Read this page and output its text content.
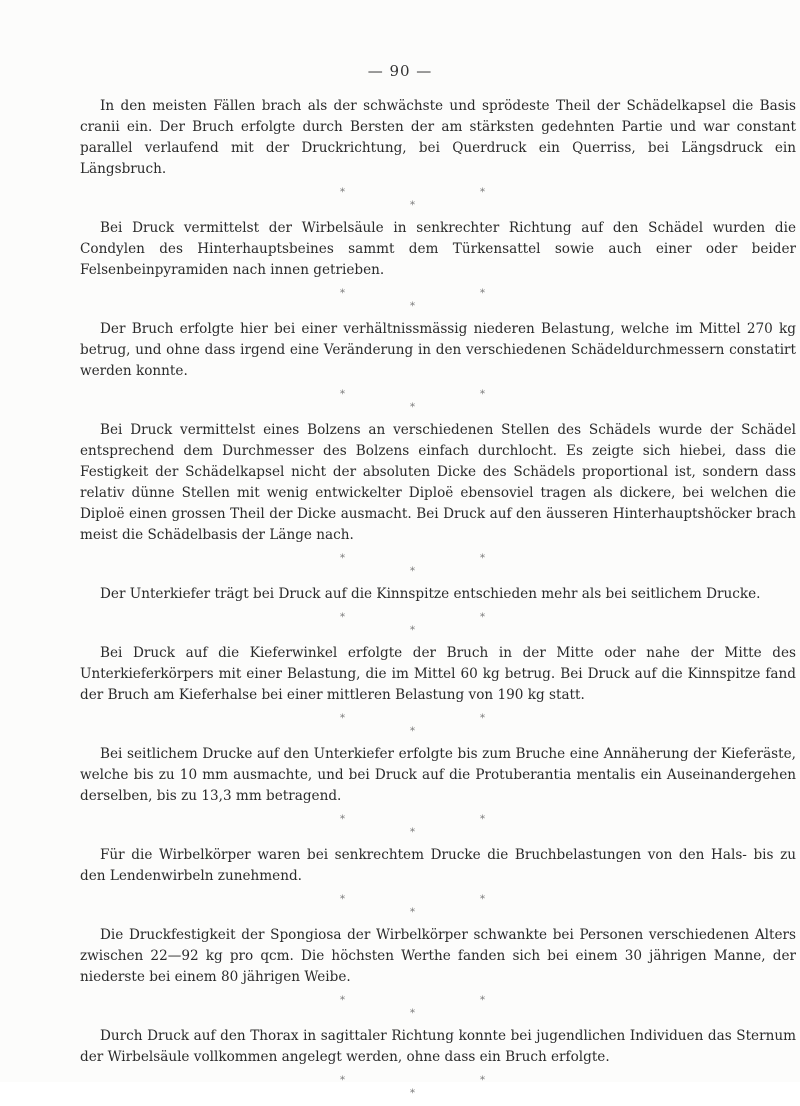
— 90 —

In den meisten Fällen brach als der schwächste und sprödeste Theil der Schädelkapsel die Basis cranii ein. Der Bruch erfolgte durch Bersten der am stärksten gedehnten Partie und war constant parallel verlaufend mit der Druckrichtung, bei Querdruck ein Querriss, bei Längsdruck ein Längsbruch.

*	*
*

Bei Druck vermittelst der Wirbelsäule in senkrechter Richtung auf den Schädel wurden die Condylen des Hinterhauptsbeines sammt dem Türkensattel sowie auch einer oder beider Felsenbeinpyramiden nach innen getrieben.

*	*
*

Der Bruch erfolgte hier bei einer verhältnissmässig niederen Belastung, welche im Mittel 270 kg betrug, und ohne dass irgend eine Veränderung in den verschiedenen Schädeldurchmessern constatirt werden konnte.

*	*
*

Bei Druck vermittelst eines Bolzens an verschiedenen Stellen des Schädels wurde der Schädel entsprechend dem Durchmesser des Bolzens einfach durchlocht. Es zeigte sich hiebei, dass die Festigkeit der Schädelkapsel nicht der absoluten Dicke des Schädels proportional ist, sondern dass relativ dünne Stellen mit wenig entwickelter Diploë ebensoviel tragen als dickere, bei welchen die Diploë einen grossen Theil der Dicke ausmacht. Bei Druck auf den äusseren Hinterhauptshöcker brach meist die Schädelbasis der Länge nach.

*	*
*

Der Unterkiefer trägt bei Druck auf die Kinnspitze entschieden mehr als bei seitlichem Drucke.

*	*
*

Bei Druck auf die Kieferwinkel erfolgte der Bruch in der Mitte oder nahe der Mitte des Unterkieferkörpers mit einer Belastung, die im Mittel 60 kg betrug. Bei Druck auf die Kinnspitze fand der Bruch am Kieferhalse bei einer mittleren Belastung von 190 kg statt.

*	*
*

Bei seitlichem Drucke auf den Unterkiefer erfolgte bis zum Bruche eine Annäherung der Kieferäste, welche bis zu 10 mm ausmachte, und bei Druck auf die Protuberantia mentalis ein Auseinandergehen derselben, bis zu 13,3 mm betragend.

*	*
*

Für die Wirbelkörper waren bei senkrechtem Drucke die Bruchbelastungen von den Hals- bis zu den Lendenwirbeln zunehmend.

*	*
*

Die Druckfestigkeit der Spongiosa der Wirbelkörper schwankte bei Personen verschiedenen Alters zwischen 22—92 kg pro qcm. Die höchsten Werthe fanden sich bei einem 30 jährigen Manne, der niederste bei einem 80 jährigen Weibe.

*	*
*

Durch Druck auf den Thorax in sagittaler Richtung konnte bei jugendlichen Individuen das Sternum der Wirbelsäule vollkommen angelegt werden, ohne dass ein Bruch erfolgte.

*	*
*
